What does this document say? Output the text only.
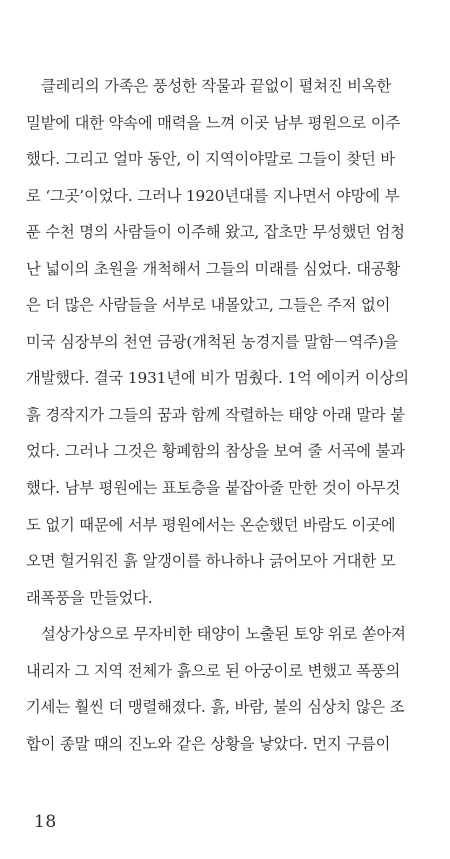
클레리의 가족은 풍성한 작물과 끝없이 펼쳐진 비옥한
밀밭에 대한 약속에 매력을 느껴 이곳 남부 평원으로 이주
했다. 그리고 얼마 동안, 이 지역이야말로 그들이 찾던 바
로 ‘그곳’이었다. 그러나 1920년대를 지나면서 야망에 부
푼 수천 명의 사람들이 이주해 왔고, 잡초만 무성했던 엄청
난 넓이의 초원을 개척해서 그들의 미래를 심었다. 대공황
은 더 많은 사람들을 서부로 내몰았고, 그들은 주저 없이
미국 심장부의 천연 금광(개척된 농경지를 말함－역주)을
개발했다. 결국 1931년에 비가 멈췄다. 1억 에이커 이상의
흙 경작지가 그들의 꿈과 함께 작렬하는 태양 아래 말라 붙
었다. 그러나 그것은 황폐함의 참상을 보여 줄 서곡에 불과
했다. 남부 평원에는 표토층을 붙잡아줄 만한 것이 아무것
도 없기 때문에 서부 평원에서는 온순했던 바람도 이곳에
오면 헐거워진 흙 알갱이를 하나하나 긁어모아 거대한 모
래폭풍을 만들었다.
설상가상으로 무자비한 태양이 노출된 토양 위로 쏟아져
내리자 그 지역 전체가 흙으로 된 아궁이로 변했고 폭풍의
기세는 훨씬 더 맹렬해졌다. 흙, 바람, 불의 심상치 않은 조
합이 종말 때의 진노와 같은 상황을 낳았다. 먼지 구름이
18
